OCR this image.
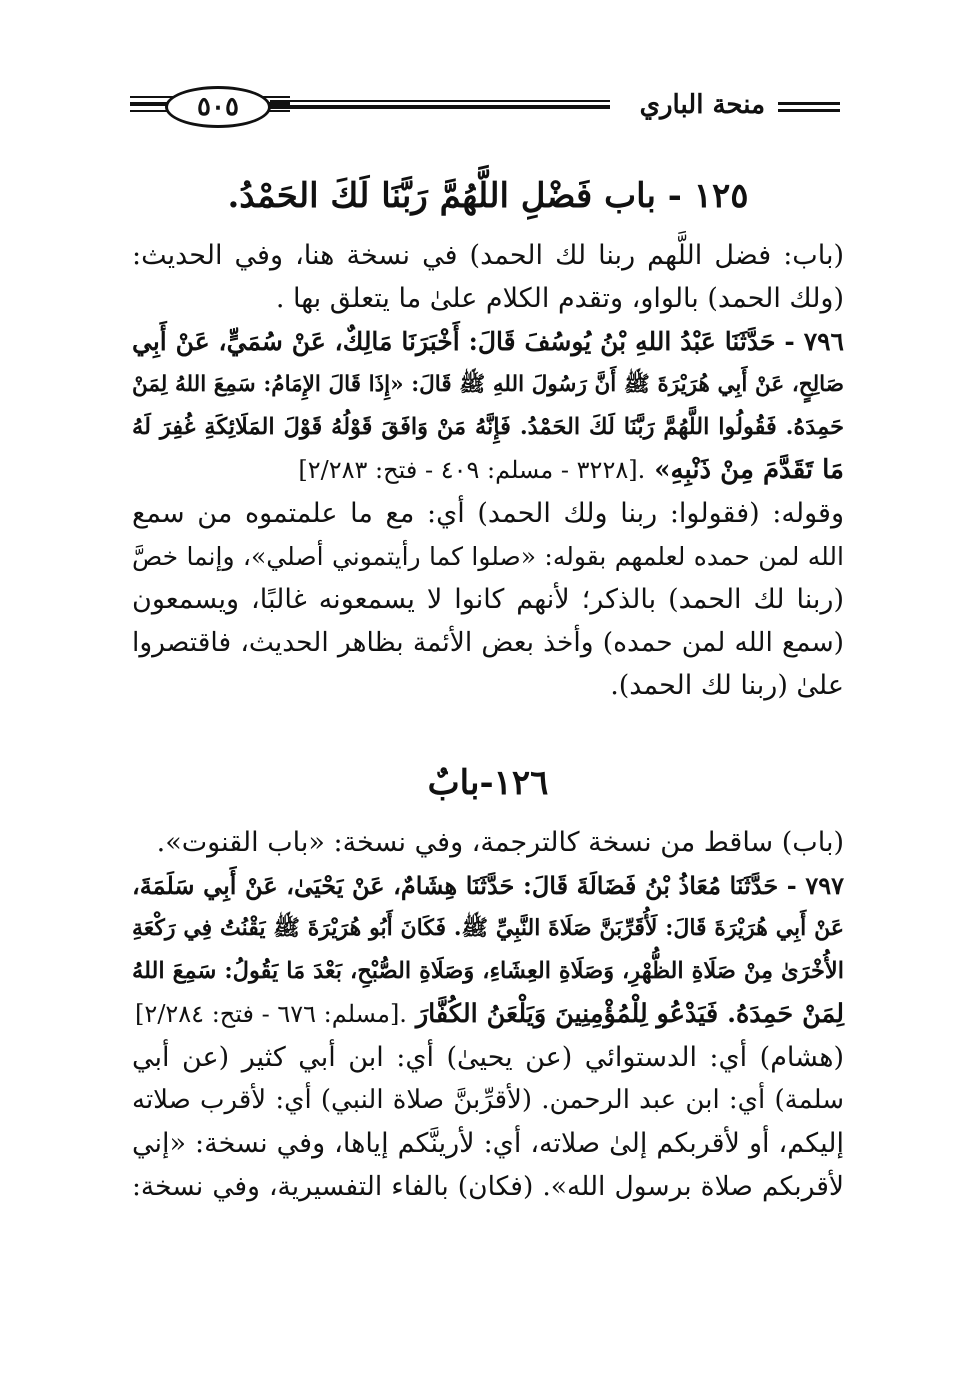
٥٠٥	منحة الباري
١٢٥ - باب فَضْلِ اللَّهُمَّ رَبَّنَا لَكَ الحَمْدُ.
(باب: فضل اللَّهم ربنا لك الحمد) في نسخة هنا، وفي الحديث:
(ولك الحمد) بالواو، وتقدم الكلام علىٰ ما يتعلق بها .
٧٩٦ - حَدَّثَنَا عَبْدُ اللهِ بْنُ يُوسُفَ قَالَ: أَخْبَرَنَا مَالِكٌ، عَنْ سُمَيٍّ، عَنْ أَبِي
صَالِحٍ، عَنْ أَبِي هُرَيْرَةَ ﷺ أَنَّ رَسُولَ اللهِ ﷺ قَالَ: «إِذَا قَالَ الإِمَامُ: سَمِعَ اللهُ لِمَنْ
حَمِدَهُ. فَقُولُوا اللَّهُمَّ رَبَّنَا لَكَ الحَمْدُ. فَإِنَّهُ مَنْ وَافَقَ قَوْلُهُ قَوْلَ المَلَائِكَةِ غُفِرَ لَهُ
مَا تَقَدَّمَ مِنْ ذَنْبِهِ» .[٣٢٢٨ - مسلم: ٤٠٩ - فتح: ٢/٢٨٣]
وقوله: (فقولوا: ربنا ولك الحمد) أي: مع ما علمتموه من سمع
الله لمن حمده لعلمهم بقوله: «صلوا كما رأيتموني أصلي»، وإنما خصَّ
(ربنا لك الحمد) بالذكر؛ لأنهم كانوا لا يسمعونه غالبًا، ويسمعون
(سمع الله لمن حمده) وأخذ بعض الأئمة بظاهر الحديث، فاقتصروا
علىٰ (ربنا لك الحمد).
١٢٦-بابٌ
(باب) ساقط من نسخة كالترجمة، وفي نسخة: «باب القنوت».
٧٩٧ - حَدَّثَنَا مُعَاذُ بْنُ فَضَالَةَ قَالَ: حَدَّثَنَا هِشَامٌ، عَنْ يَحْيَىٰ، عَنْ أَبِي سَلَمَةَ،
عَنْ أَبِي هُرَيْرَةَ قَالَ: لَأُقَرِّبَنَّ صَلَاةَ النَّبِيِّ ﷺ. فَكَانَ أَبُو هُرَيْرَةَ ﷺ يَقْنُتُ فِي رَكْعَةِ
الأُخْرَىٰ مِنْ صَلَاةِ الظُّهْرِ، وَصَلَاةِ العِشَاءِ، وَصَلَاةِ الصُّبْحِ، بَعْدَ مَا يَقُولُ: سَمِعَ اللهُ
لِمَنْ حَمِدَهُ. فَيَدْعُو لِلْمُؤْمِنِينَ وَيَلْعَنُ الكُفَّارَ .[مسلم: ٦٧٦ - فتح: ٢/٢٨٤]
(هشام) أي: الدستوائي (عن يحيىٰ) أي: ابن أبي كثير (عن أبي
سلمة) أي: ابن عبد الرحمن. (لأقرِّبنَّ صلاة النبي) أي: لأقرب صلاته
إليكم، أو لأقربكم إلىٰ صلاته، أي: لأرينَّكم إياها، وفي نسخة: «إني
لأقربكم صلاة برسول الله». (فكان) بالفاء التفسيرية، وفي نسخة:
